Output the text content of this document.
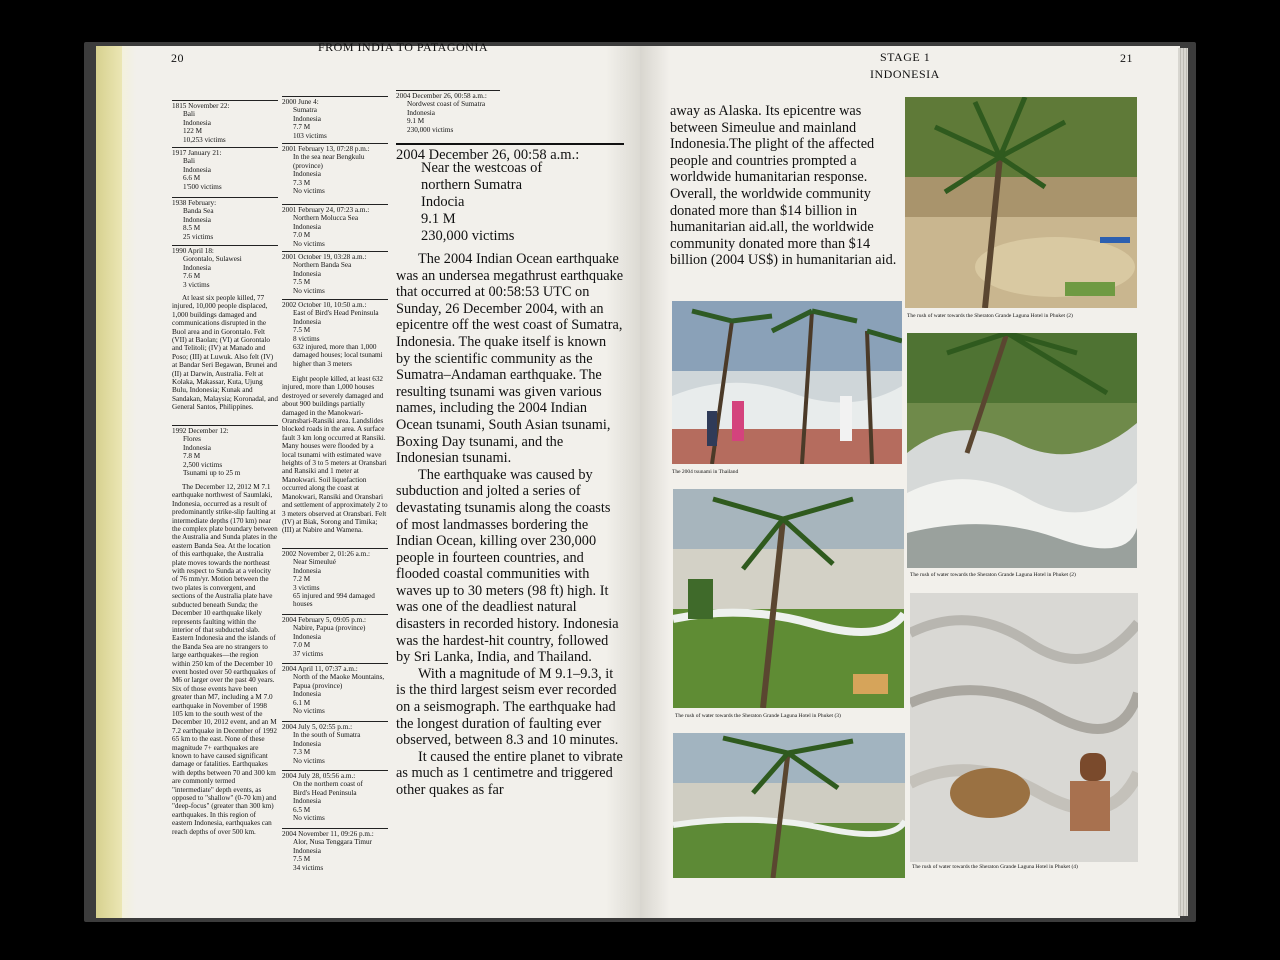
20
FROM INDIA TO PATAGONIA
1815 November 22:
Bali
Indonesia
122 M
10,253 victims
1917 January 21:
Bali
Indonesia
6.6 M
1'500 victims
1938 February:
Banda Sea
Indonesia
8.5 M
25 victims
1990 April 18:
Gorontalo, Sulawesi
Indonesia
7.6 M
3 victims
1992 December 12:
Flores
Indonesia
7.8 M
2,500 victims
Tsunami up to 25 m
At least six people killed, 77 injured, 10,000 people displaced, 1,000 buildings damaged and communications disrupted in the Buol area and in Gorontalo. Felt (VII) at Baolan; (VI) at Gorontalo and Telitoli; (IV) at Manado and Poso; (III) at Luwuk. Also felt (IV) at Bandar Seri Begawan, Brunei and (II) at Darwin, Australia. Felt at Kolaka, Makassar, Kuta, Ujung Bulu, Indonesia; Kunak and Sandakan, Malaysia; Koronadal, and General Santos, Philippines.
The December 12, 2012 M 7.1 earthquake northwest of Saumlaki, Indonesia, occurred as a result of predominantly strike-slip faulting at intermediate depths (170 km) near the complex plate boundary between the Australia and Sunda plates in the eastern Banda Sea. At the location of this earthquake, the Australia plate moves towards the northeast with respect to Sunda at a velocity of 76 mm/yr. Motion between the two plates is convergent, and sections of the Australia plate have subducted beneath Sunda; the December 10 earthquake likely represents faulting within the interior of that subducted slab. Eastern Indonesia and the islands of the Banda Sea are no strangers to large earthquakes—the region within 250 km of the December 10 event hosted over 50 earthquakes of M6 or larger over the past 40 years. Six of those events have been greater than M7, including a M 7.0 earthquake in November of 1998 105 km to the south west of the December 10, 2012 event, and an M 7.2 earthquake in December of 1992 65 km to the east. None of these magnitude 7+ earthquakes are known to have caused significant damage or fatalities. Earthquakes with depths between 70 and 300 km are commonly termed "intermediate" depth events, as opposed to "shallow" (0-70 km) and "deep-focus" (greater than 300 km) earthquakes. In this region of eastern Indonesia, earthquakes can reach depths of over 500 km.
2000 June 4:
Sumatra
Indonesia
7.7 M
103 victims
2001 February 13, 07:28 p.m.:
In the sea near Bengkulu
(province)
Indonesia
7.3 M
No victims
2001 February 24, 07:23 a.m.:
Northern Molucca Sea
Indonesia
7.0 M
No victims
2001 October 19, 03:28 a.m.:
Northern Banda Sea
Indonesia
7.5 M
No victims
2002 October 10, 10:50 a.m.:
East of Bird's Head Peninsula
Indonesia
7.5 M
8 victims
632 injured, more than 1,000
damaged houses; local tsunami higher than 3 meters
2002 November 2, 01:26 a.m.:
Near Simeulué
Indonesia
7.2 M
3 victims
65 injured and 994 damaged
houses
2004 February 5, 09:05 p.m.:
Nabire, Papua (province)
Indonesia
7.0 M
37 victims
2004 April 11, 07:37 a.m.:
North of the Maoke Mountains, Papua (province)
Indonesia
6.1 M
No victims
2004 July 5, 02:55 p.m.:
In the south of Sumatra
Indonesia
7.3 M
No victims
2004 July 28, 05:56 a.m.:
On the northern coast of
Bird's Head Peninsula
Indonesia
6.5 M
No victims
2004 November 11, 09:26 p.m.:
Alor, Nusa Tenggara Timur
Indonesia
7.5 M
34 victims
Eight people killed, at least 632 injured, more than 1,000 houses destroyed or severely damaged and about 900 buildings partially damaged in the Manokwari-Oransbari-Ransiki area. Landslides blocked roads in the area. A surface fault 3 km long occurred at Ransiki. Many houses were flooded by a local tsunami with estimated wave heights of 3 to 5 meters at Oransbari and Ransiki and 1 meter at Manokwari. Soil liquefaction occurred along the coast at Manokwari, Ransiki and Oransbari and settlement of approximately 2 to 3 meters observed at Oransbari. Felt (IV) at Biak, Sorong and Timika; (III) at Nabire and Wamena.
2004 December 26, 00:58 a.m.:
Nordwest coast of Sumatra
Indonesia
9.1 M
230,000 victims
2004 December 26, 00:58 a.m.:
Near the westcoas of
northern Sumatra
Indocia
9.1 M
230,000 victims

The 2004 Indian Ocean earthquake was an undersea megathrust earthquake that occurred at 00:58:53 UTC on Sunday, 26 December 2004, with an epicentre off the west coast of Sumatra, Indonesia. The quake itself is known by the scientific community as the Sumatra–Andaman earthquake. The resulting tsunami was given various names, including the 2004 Indian Ocean tsunami, South Asian tsunami, Boxing Day tsunami, and the Indonesian tsunami.

The earthquake was caused by subduction and jolted a series of devastating tsunamis along the coasts of most landmasses bordering the Indian Ocean, killing over 230,000 people in fourteen countries, and flooded coastal communities with waves up to 30 meters (98 ft) high. It was one of the deadliest natural disasters in recorded history. Indonesia was the hardest-hit country, followed by Sri Lanka, India, and Thailand.

With a magnitude of M 9.1–9.3, it is the third largest seism ever recorded on a seismograph. The earthquake had the longest duration of faulting ever observed, between 8.3 and 10 minutes.

It caused the entire planet to vibrate as much as 1 centimetre and triggered other quakes as far

STAGE 1
INDONESIA
21
away as Alaska. Its epicentre was between Simeulue and mainland Indonesia.The plight of the affected people and countries prompted a worldwide humanitarian response. Overall, the worldwide community donated more than $14 billion in humanitarian aid.all, the worldwide community donated more than $14 billion (2004 US$) in humanitarian aid.
The rush of water towards the Sheraton Grande Laguna Hotel in Phuket (2)
The 2004 tsunami in Thailand
The rush of water towards the Sheraton Grande Laguna Hotel in Phuket (2)
The rush of water towards the Sheraton Grande Laguna Hotel in Phuket (3)
The rush of water towards the Sheraton Grande Laguna Hotel in Phuket (4)
